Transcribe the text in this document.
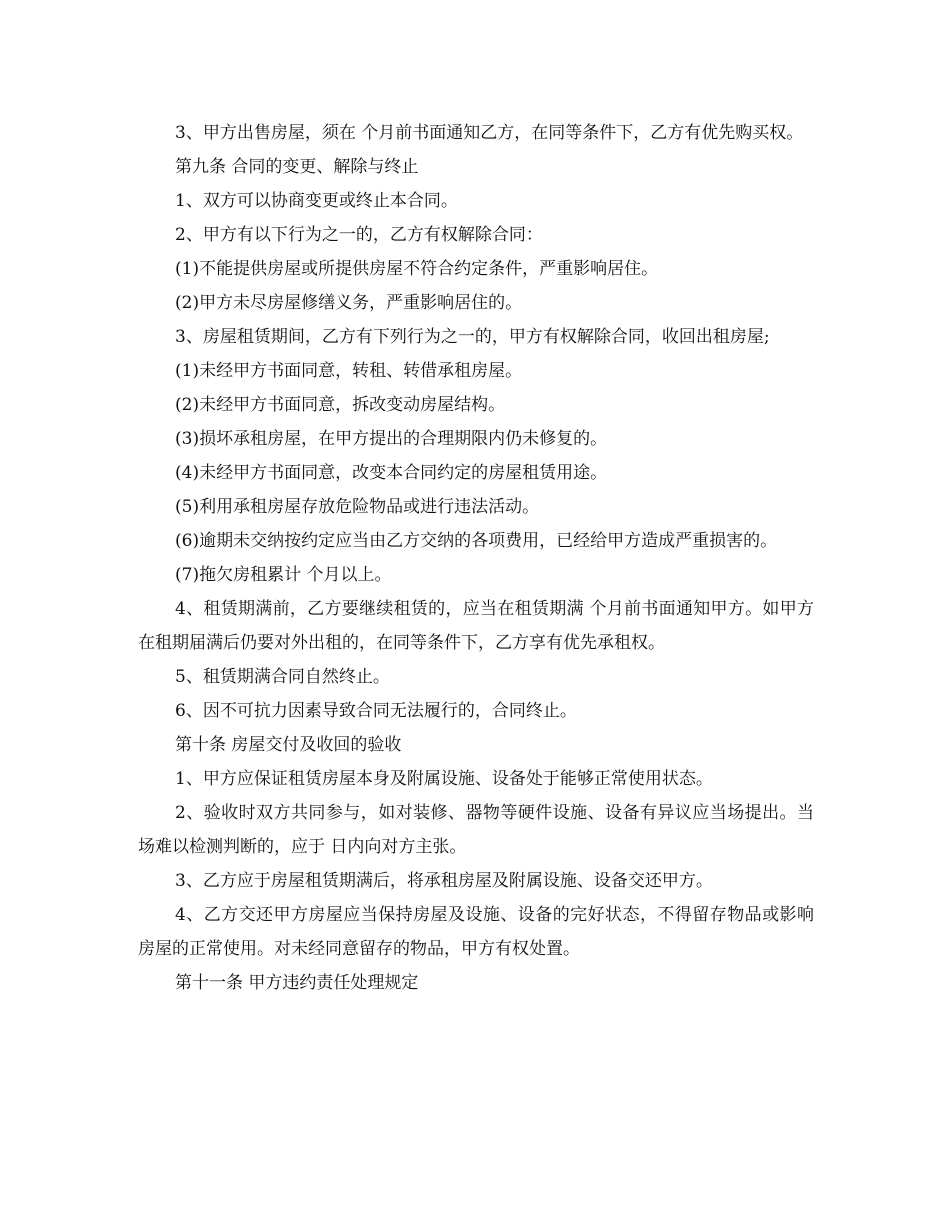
3、甲方出售房屋，须在 个月前书面通知乙方，在同等条件下，乙方有优先购买权。

第九条 合同的变更、解除与终止

1、双方可以协商变更或终止本合同。

2、甲方有以下行为之一的，乙方有权解除合同：

(1)不能提供房屋或所提供房屋不符合约定条件，严重影响居住。

(2)甲方未尽房屋修缮义务，严重影响居住的。

3、房屋租赁期间，乙方有下列行为之一的，甲方有权解除合同，收回出租房屋;

(1)未经甲方书面同意，转租、转借承租房屋。

(2)未经甲方书面同意，拆改变动房屋结构。

(3)损坏承租房屋，在甲方提出的合理期限内仍未修复的。

(4)未经甲方书面同意，改变本合同约定的房屋租赁用途。

(5)利用承租房屋存放危险物品或进行违法活动。

(6)逾期未交纳按约定应当由乙方交纳的各项费用，已经给甲方造成严重损害的。

(7)拖欠房租累计 个月以上。

4、租赁期满前，乙方要继续租赁的，应当在租赁期满 个月前书面通知甲方。如甲方在租期届满后仍要对外出租的，在同等条件下，乙方享有优先承租权。

5、租赁期满合同自然终止。

6、因不可抗力因素导致合同无法履行的，合同终止。

第十条 房屋交付及收回的验收

1、甲方应保证租赁房屋本身及附属设施、设备处于能够正常使用状态。

2、验收时双方共同参与，如对装修、器物等硬件设施、设备有异议应当场提出。当场难以检测判断的，应于 日内向对方主张。

3、乙方应于房屋租赁期满后，将承租房屋及附属设施、设备交还甲方。

4、乙方交还甲方房屋应当保持房屋及设施、设备的完好状态，不得留存物品或影响房屋的正常使用。对未经同意留存的物品，甲方有权处置。

第十一条 甲方违约责任处理规定
